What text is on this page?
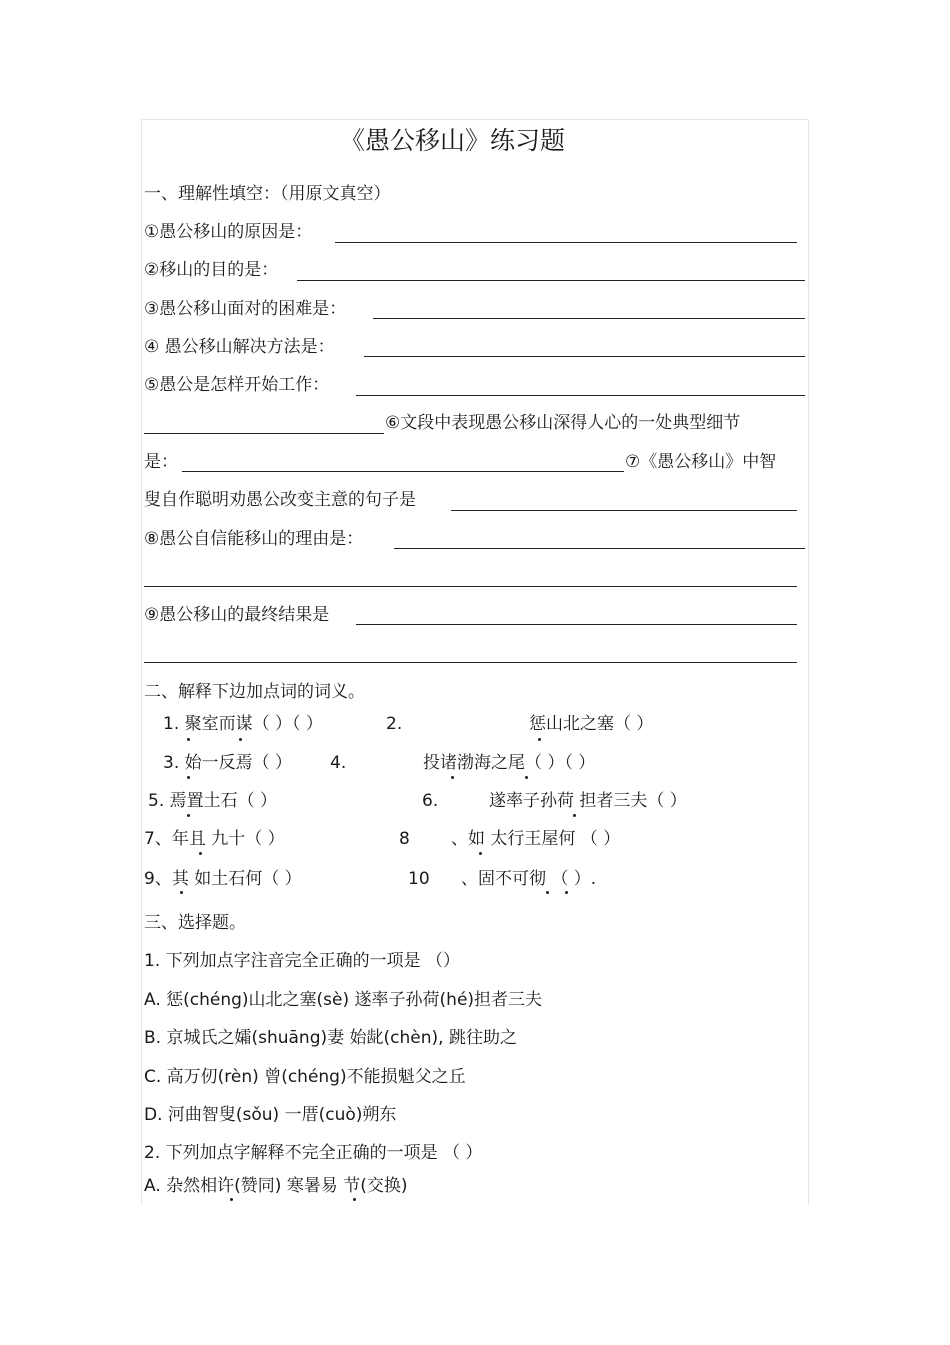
《愚公移山》练习题
一、理解性填空：（用原文真空）
①愚公移山的原因是：
②移山的目的是：
③愚公移山面对的困难是：
④ 愚公移山解决方法是：
⑤愚公是怎样开始工作：
⑥文段中表现愚公移山深得人心的一处典型细节
是：	⑦《愚公移山》中智
叟自作聪明劝愚公改变主意的句子是
⑧愚公自信能移山的理由是：
⑨愚公移山的最终结果是
二、解释下边加点词的词义。
1. 聚室而谋（ ）（ ）	2.	惩山北之塞（ ）
3. 始一反焉（ ） 4.	投诸渤海之尾（ ）（ ）
5. 焉置土石（ ）	6.	遂率子孙荷 担者三夫（ ）
7、年且 九十（ ）	8 、如 太行王屋何 （ ）
9、其 如土石何（ ）	10 、固不可彻 （ ）.
三、选择题。
1. 下列加点字注音完全正确的一项是 （）
A. 惩(chéng)山北之塞(sè) 遂率子孙荷(hé)担者三夫
B. 京城氏之孀(shuāng)妻 始龀(chèn), 跳往助之
C. 高万仞(rèn) 曾(chéng)不能损魁父之丘
D. 河曲智叟(sǒu) 一厝(cuò)朔东
2. 下列加点字解释不完全正确的一项是 （ ）
A. 杂然相许(赞同) 寒暑易 节(交换)
